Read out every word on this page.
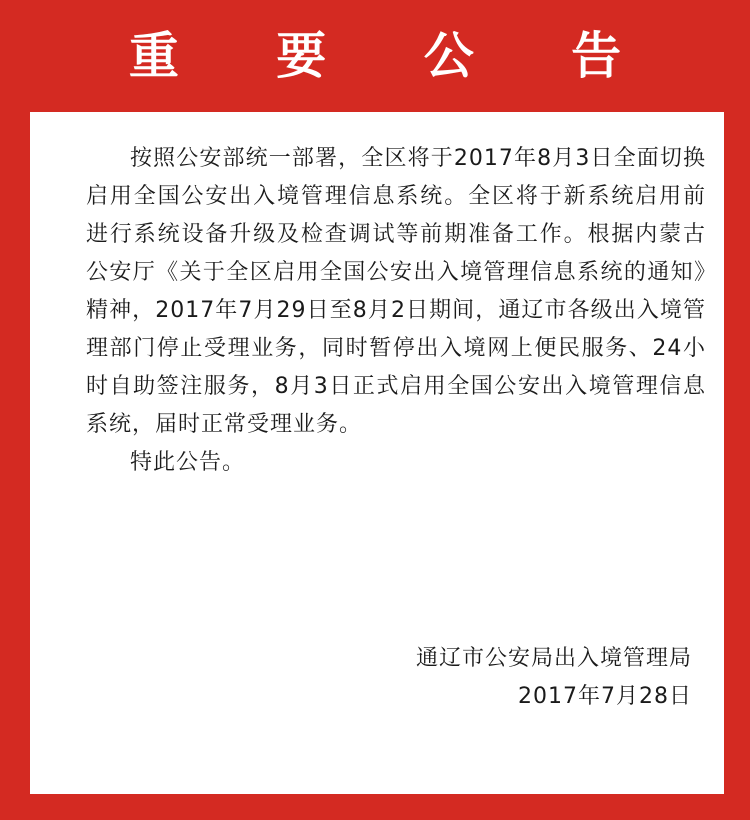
重 要 公 告

按照公安部统一部署，全区将于2017年8月3日全面切换启用全国公安出入境管理信息系统。全区将于新系统启用前进行系统设备升级及检查调试等前期准备工作。根据内蒙古公安厅《关于全区启用全国公安出入境管理信息系统的通知》精神，2017年7月29日至8月2日期间，通辽市各级出入境管理部门停止受理业务，同时暂停出入境网上便民服务、24小时自助签注服务，8月3日正式启用全国公安出入境管理信息系统，届时正常受理业务。

特此公告。

通辽市公安局出入境管理局
2017年7月28日
